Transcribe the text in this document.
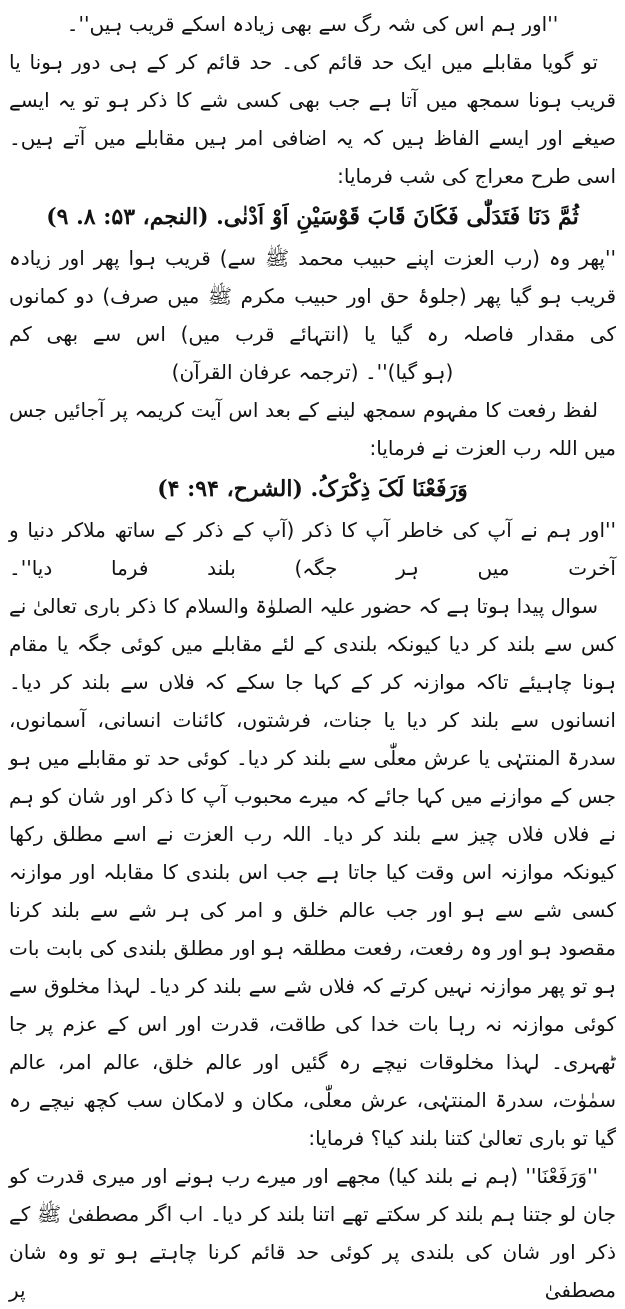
''اور ہم اس کی شہ رگ سے بھی زیادہ اسکے قریب ہیں''۔

تو گویا مقابلے میں ایک حد قائم کی۔ حد قائم کر کے ہی دور ہونا یا قریب ہونا سمجھ میں آتا ہے جب بھی کسی شے کا ذکر ہو تو یہ ایسے صیغے اور ایسے الفاظ ہیں کہ یہ اضافی امر ہیں مقابلے میں آتے ہیں۔ اسی طرح معراج کی شب فرمایا:

ثُمَّ دَنَا فَتَدَلّٰی فَکَانَ قَابَ قَوْسَیْنِ اَوْ اَدْنٰی. (النجم، ۵۳: ۸. ۹)

''پھر وہ (رب العزت اپنے حبیب محمد ﷺ سے) قریب ہوا پھر اور زیادہ قریب ہو گیا پھر (جلوۂ حق اور حبیب مکرم ﷺ میں صرف) دو کمانوں کی مقدار فاصلہ رہ گیا یا (انتہائے قرب میں) اس سے بھی کم

(ہو گیا)''۔ (ترجمہ عرفان القرآن)

لفظ رفعت کا مفہوم سمجھ لینے کے بعد اس آیت کریمہ پر آجائیں جس میں اللہ رب العزت نے فرمایا:

وَرَفَعْنَا لَکَ ذِکْرَکُ. (الشرح، ۹۴: ۴)

''اور ہم نے آپ کی خاطر آپ کا ذکر (آپ کے ذکر کے ساتھ ملاکر دنیا و آخرت میں ہر جگہ) بلند فرما دیا''۔

سوال پیدا ہوتا ہے کہ حضور علیہ الصلوٰۃ والسلام کا ذکر باری تعالیٰ نے کس سے بلند کر دیا کیونکہ بلندی کے لئے مقابلے میں کوئی جگہ یا مقام ہونا چاہیئے تاکہ موازنہ کر کے کہا جا سکے کہ فلاں سے بلند کر دیا۔ انسانوں سے بلند کر دیا یا جنات، فرشتوں، کائنات انسانی، آسمانوں، سدرۃ المنتہٰی یا عرش معلّٰی سے بلند کر دیا۔ کوئی حد تو مقابلے میں ہو جس کے موازنے میں کہا جائے کہ میرے محبوب آپ کا ذکر اور شان کو ہم نے فلاں فلاں چیز سے بلند کر دیا۔ اللہ رب العزت نے اسے مطلق رکھا کیونکہ موازنہ اس وقت کیا جاتا ہے جب اس بلندی کا مقابلہ اور موازنہ کسی شے سے ہو اور جب عالم خلق و امر کی ہر شے سے بلند کرنا مقصود ہو اور وہ رفعت، رفعت مطلقہ ہو اور مطلق بلندی کی بابت بات ہو تو پھر موازنہ نہیں کرتے کہ فلاں شے سے بلند کر دیا۔ لہذا مخلوق سے کوئی موازنہ نہ رہا بات خدا کی طاقت، قدرت اور اس کے عزم پر جا ٹھہری۔ لہذا مخلوقات نیچے رہ گئیں اور عالم خلق، عالم امر، عالم سمٰوٰت، سدرۃ المنتہٰی، عرش معلّٰی، مکان و لامکان سب کچھ نیچے رہ گیا تو باری تعالیٰ کتنا بلند کیا؟ فرمایا:

''وَرَفَعْنَا'' (ہم نے بلند کیا) مجھے اور میرے رب ہونے اور میری قدرت کو جان لو جتنا ہم بلند کر سکتے تھے اتنا بلند کر دیا۔ اب اگر مصطفیٰ ﷺ کے ذکر اور شان کی بلندی پر کوئی حد قائم کرنا چاہتے ہو تو وہ شان مصطفیٰ پر
